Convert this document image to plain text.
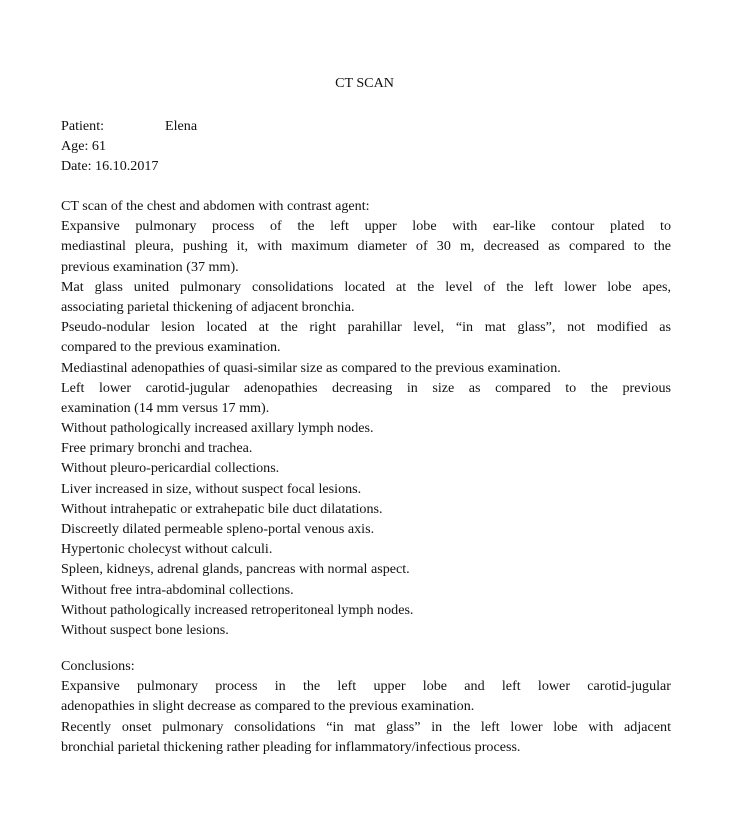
CT SCAN
Patient:	Elena
Age: 61
Date: 16.10.2017
CT scan of the chest and abdomen with contrast agent:
Expansive pulmonary process of the left upper lobe with ear-like contour plated to
mediastinal pleura, pushing it, with maximum diameter of 30 m, decreased as compared to the
previous examination (37 mm).
Mat glass united pulmonary consolidations located at the level of the left lower lobe apes,
associating parietal thickening of adjacent bronchia.
Pseudo-nodular lesion located at the right parahillar level, “in mat glass”, not modified as
compared to the previous examination.
Mediastinal adenopathies of quasi-similar size as compared to the previous examination.
Left lower carotid-jugular adenopathies decreasing in size as compared to the previous
examination (14 mm versus 17 mm).
Without pathologically increased axillary lymph nodes.
Free primary bronchi and trachea.
Without pleuro-pericardial collections.
Liver increased in size, without suspect focal lesions.
Without intrahepatic or extrahepatic bile duct dilatations.
Discreetly dilated permeable spleno-portal venous axis.
Hypertonic cholecyst without calculi.
Spleen, kidneys, adrenal glands, pancreas with normal aspect.
Without free intra-abdominal collections.
Without pathologically increased retroperitoneal lymph nodes.
Without suspect bone lesions.
Conclusions:
Expansive pulmonary process in the left upper lobe and left lower carotid-jugular
adenopathies in slight decrease as compared to the previous examination.
Recently onset pulmonary consolidations “in mat glass” in the left lower lobe with adjacent
bronchial parietal thickening rather pleading for inflammatory/infectious process.
